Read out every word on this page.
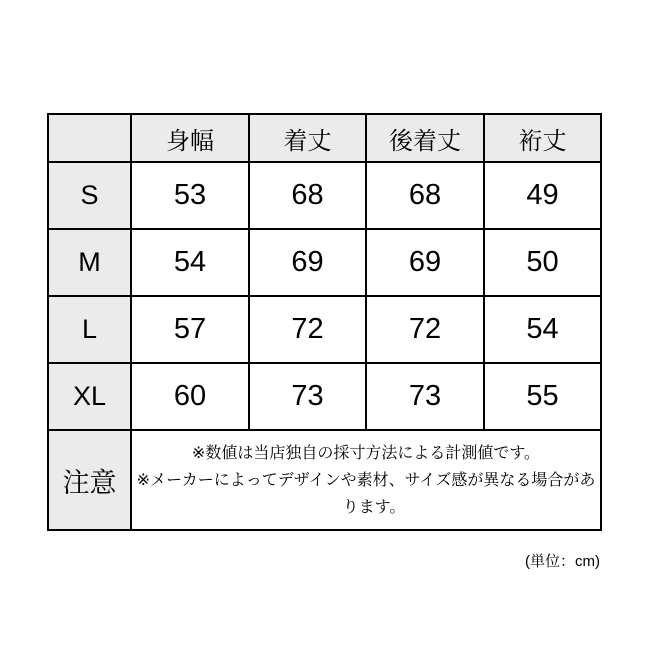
	身幅	着丈	後着丈	裄丈
S	53	68	68	49
M	54	69	69	50
L	57	72	72	54
XL	60	73	73	55
注意	※数値は当店独自の採寸方法による計測値です。
※メーカーによってデザインや素材、サイズ感が異なる場合があります。			
(単位：cm)
